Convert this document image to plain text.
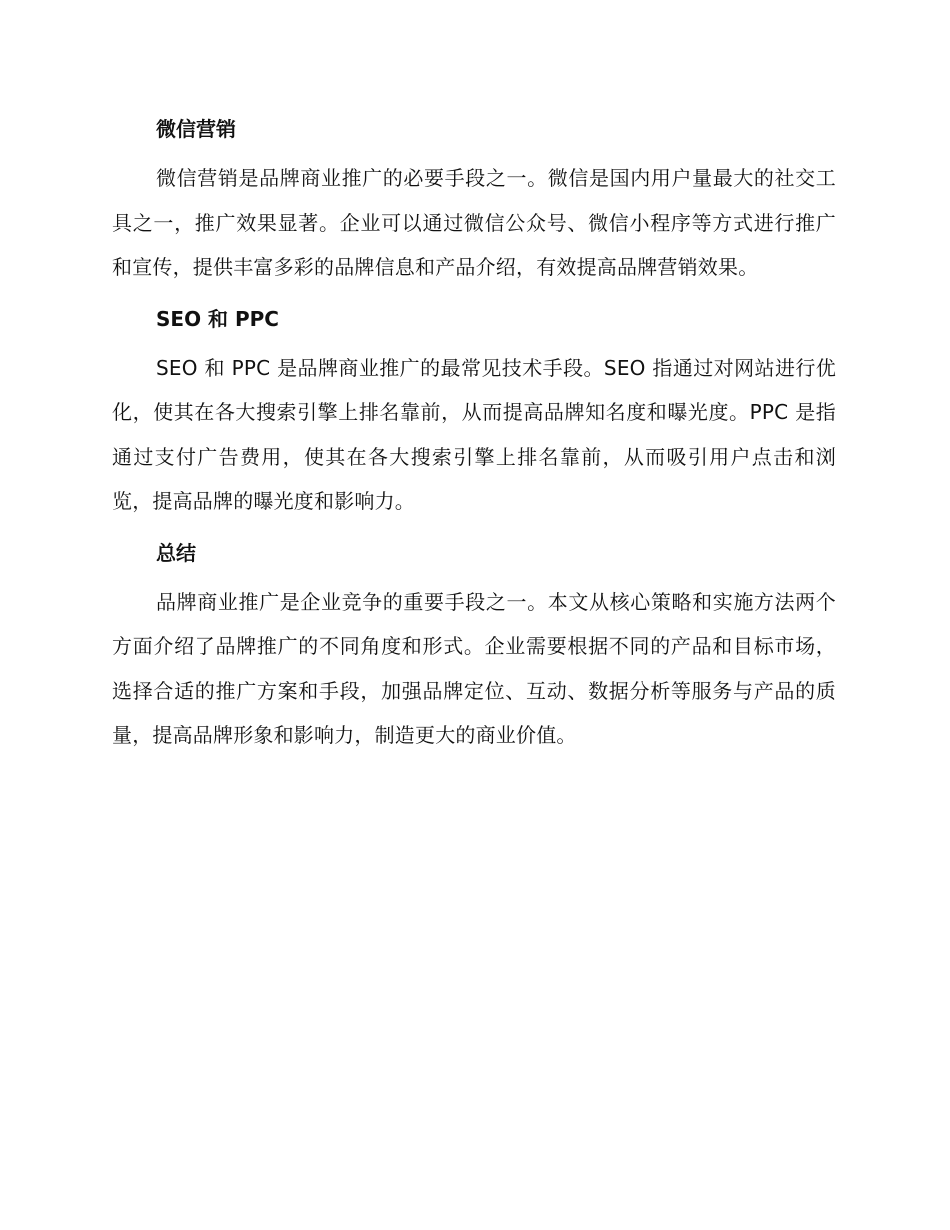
微信营销

微信营销是品牌商业推广的必要手段之一。微信是国内用户量最大的社交工具之一，推广效果显著。企业可以通过微信公众号、微信小程序等方式进行推广和宣传，提供丰富多彩的品牌信息和产品介绍，有效提高品牌营销效果。

SEO 和 PPC

SEO 和 PPC 是品牌商业推广的最常见技术手段。SEO 指通过对网站进行优化，使其在各大搜索引擎上排名靠前，从而提高品牌知名度和曝光度。PPC 是指通过支付广告费用，使其在各大搜索引擎上排名靠前，从而吸引用户点击和浏览，提高品牌的曝光度和影响力。

总结

品牌商业推广是企业竞争的重要手段之一。本文从核心策略和实施方法两个方面介绍了品牌推广的不同角度和形式。企业需要根据不同的产品和目标市场，选择合适的推广方案和手段，加强品牌定位、互动、数据分析等服务与产品的质量，提高品牌形象和影响力，制造更大的商业价值。
